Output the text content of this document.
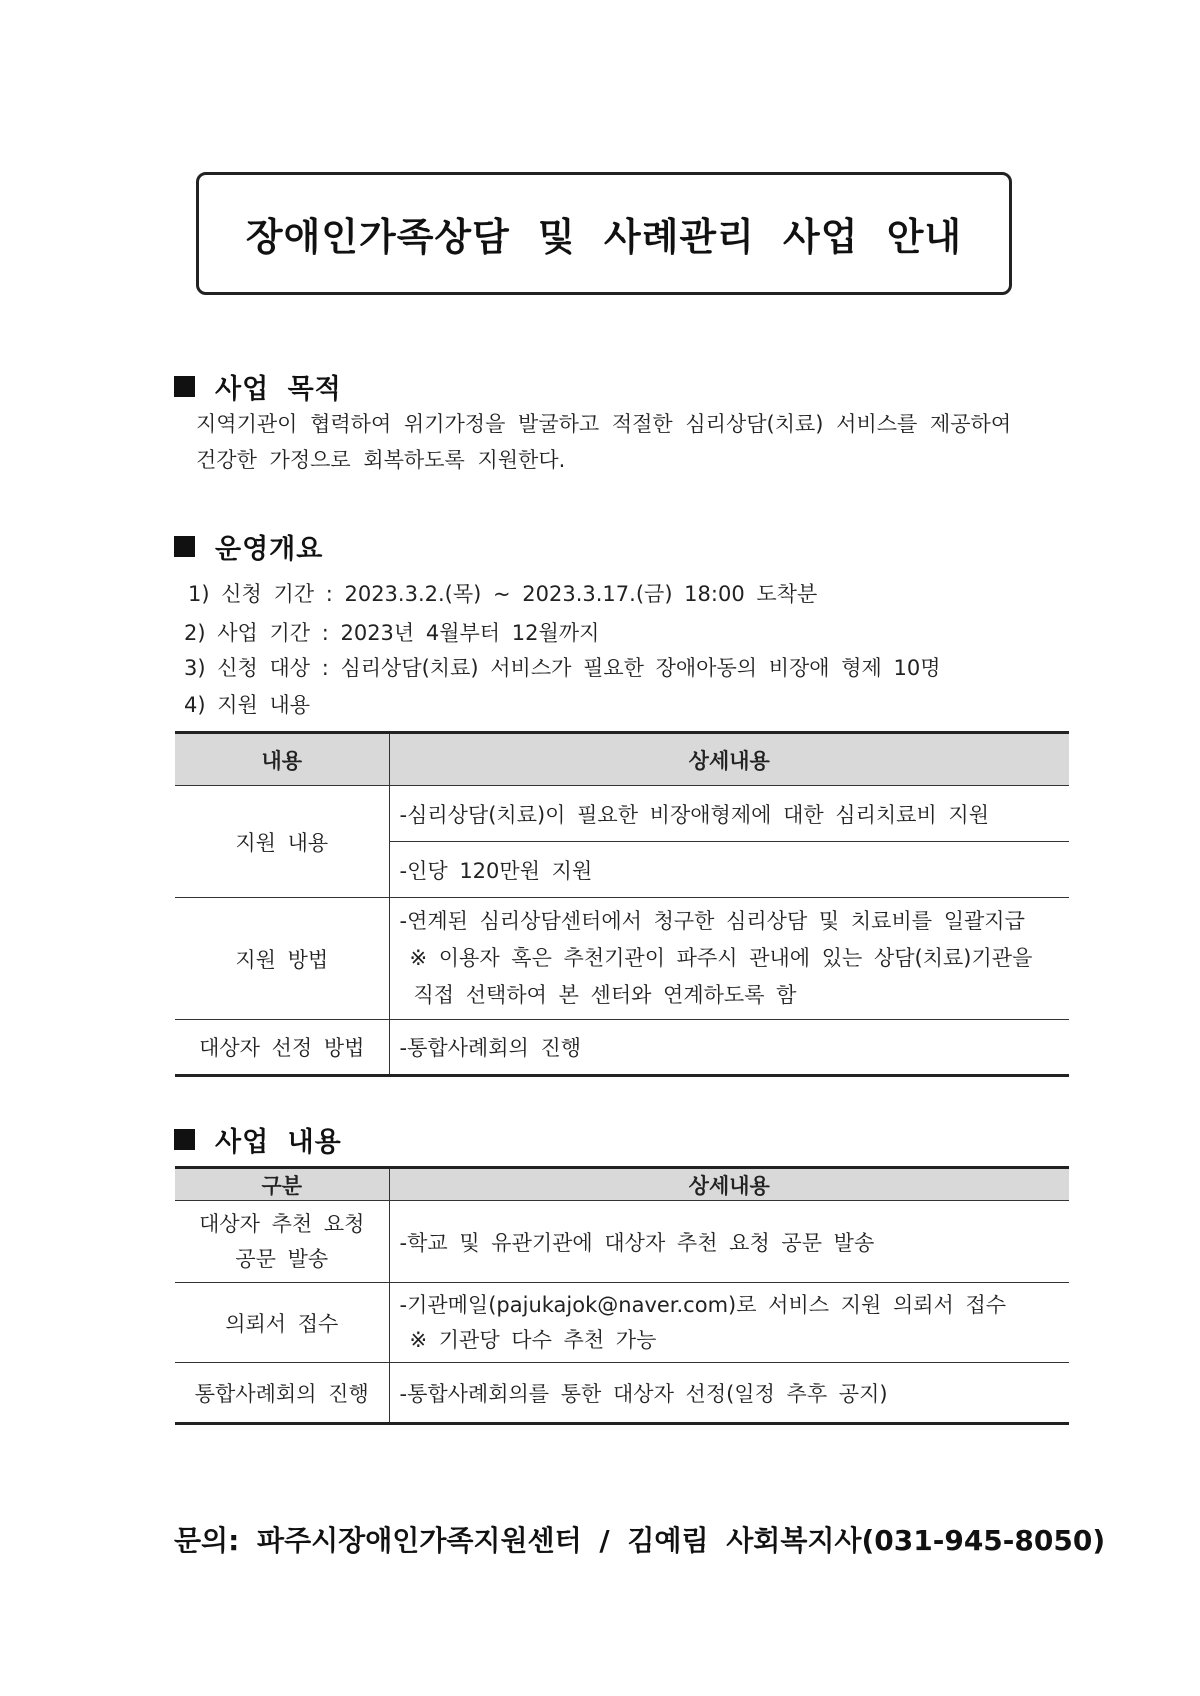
장애인가족상담 및 사례관리 사업 안내
사업 목적
지역기관이 협력하여 위기가정을 발굴하고 적절한 심리상담(치료) 서비스를 제공하여
건강한 가정으로 회복하도록 지원한다.
운영개요
1) 신청 기간 : 2023.3.2.(목) ~ 2023.3.17.(금) 18:00 도착분
2) 사업 기간 : 2023년 4월부터 12월까지
3) 신청 대상 : 심리상담(치료) 서비스가 필요한 장애아동의 비장애 형제 10명
4) 지원 내용
내용	상세내용
지원 내용	-심리상담(치료)이 필요한 비장애형제에 대한 심리치료비 지원
	-인당 120만원 지원
지원 방법	-연계된 심리상담센터에서 청구한 심리상담 및 치료비를 일괄지급
※ 이용자 혹은 추천기관이 파주시 관내에 있는 상담(치료)기관을
직접 선택하여 본 센터와 연계하도록 함

대상자 선정 방법	-통합사례회의 진행
사업 내용
구분	상세내용

대상자 추천 요청
공문 발송	-학교 및 유관기관에 대상자 추천 요청 공문 발송
의뢰서 접수	-기관메일(pajukajok@naver.com)로 서비스 지원 의뢰서 접수
※ 기관당 다수 추천 가능

통합사례회의 진행	-통합사례회의를 통한 대상자 선정(일정 추후 공지)
문의: 파주시장애인가족지원센터 / 김예림 사회복지사(031-945-8050)
